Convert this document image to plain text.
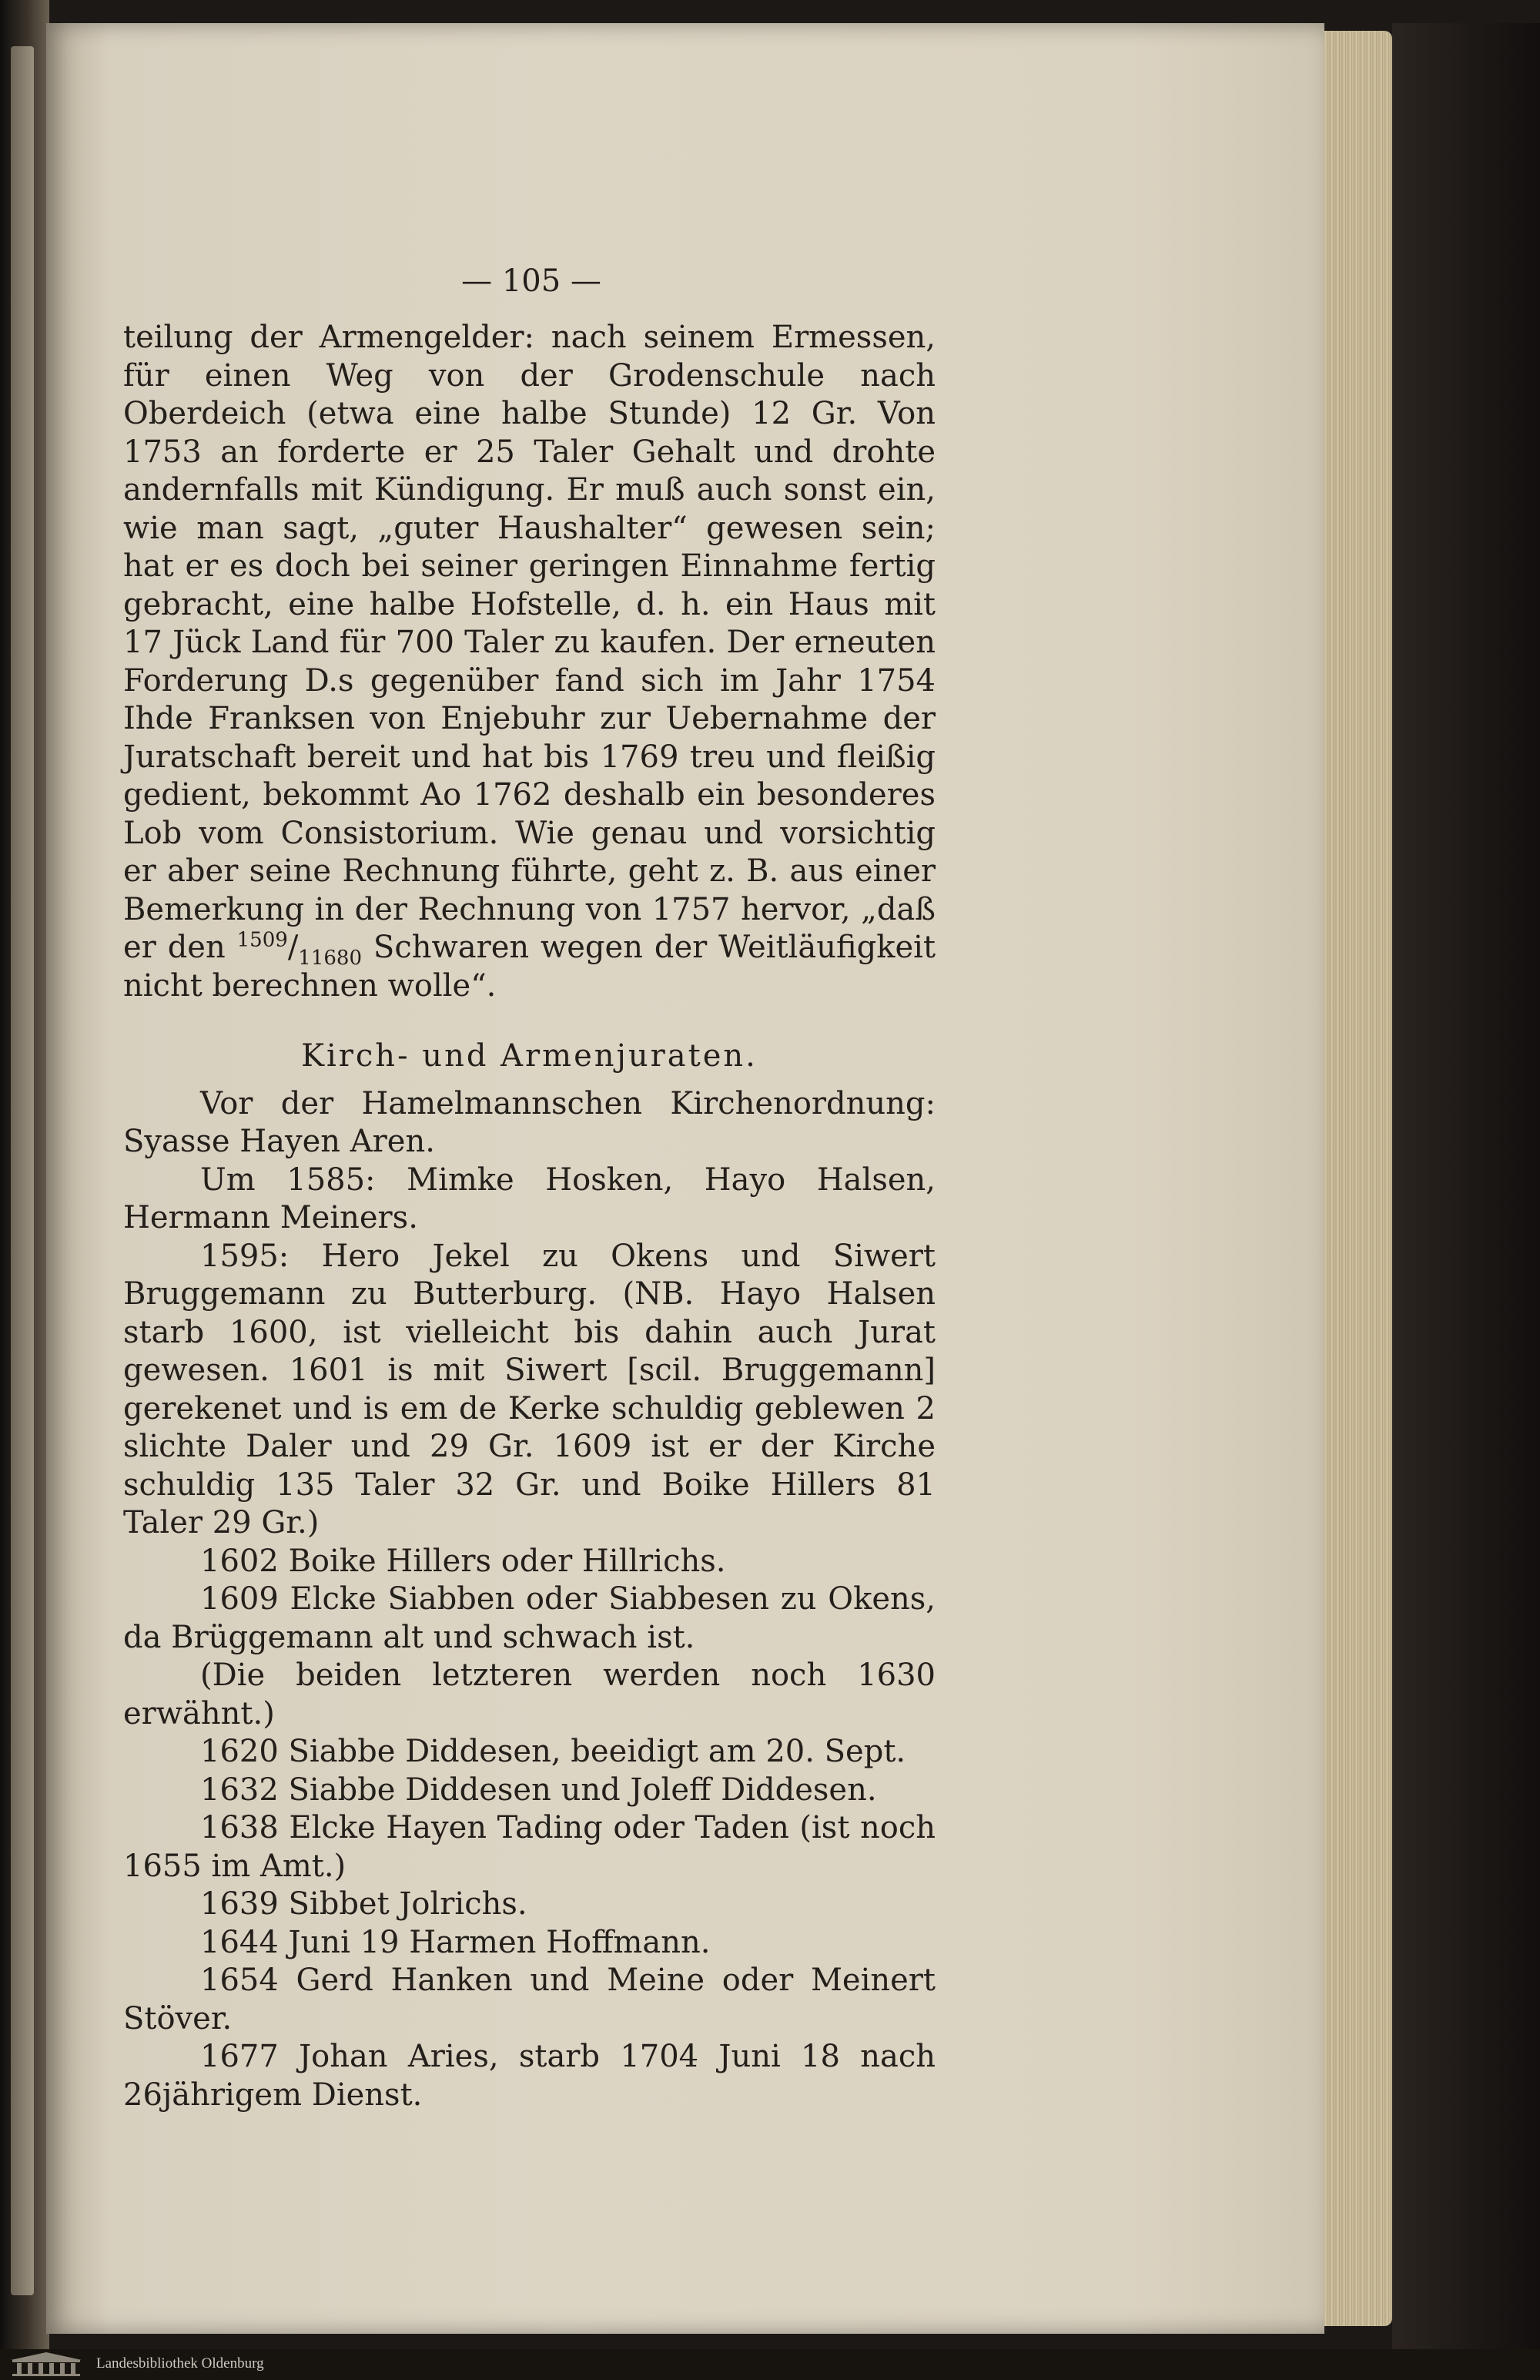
— 105 —

teilung der Armengelder: nach seinem Ermessen, für einen Weg von der Grodenschule nach Oberdeich (etwa eine halbe Stunde) 12 Gr. Von 1753 an forderte er 25 Taler Gehalt und drohte andernfalls mit Kündigung. Er muß auch sonst ein, wie man sagt, „guter Haushalter“ gewesen sein; hat er es doch bei seiner geringen Einnahme fertig gebracht, eine halbe Hofstelle, d. h. ein Haus mit 17 Jück Land für 700 Taler zu kaufen. Der erneuten Forderung D.s gegenüber fand sich im Jahr 1754 Ihde Franksen von Enjebuhr zur Uebernahme der Juratschaft bereit und hat bis 1769 treu und fleißig gedient, bekommt Ao 1762 deshalb ein besonderes Lob vom Consistorium. Wie genau und vorsichtig er aber seine Rechnung führte, geht z. B. aus einer Bemerkung in der Rechnung von 1757 hervor, „daß er den $^{1509}/_{11680}$ Schwaren wegen der Weitläufigkeit nicht berechnen wolle“.

Kirch- und Armenjuraten.

Vor der Hamelmannschen Kirchenordnung: Syasse Hayen Aren.

Um 1585: Mimke Hosken, Hayo Halsen, Hermann Meiners.

1595: Hero Jekel zu Okens und Siwert Bruggemann zu Butterburg. (NB. Hayo Halsen starb 1600, ist vielleicht bis dahin auch Jurat gewesen. 1601 is mit Siwert [scil. Bruggemann] gerekenet und is em de Kerke schuldig geblewen 2 slichte Daler und 29 Gr. 1609 ist er der Kirche schuldig 135 Taler 32 Gr. und Boike Hillers 81 Taler 29 Gr.)

1602 Boike Hillers oder Hillrichs.

1609 Elcke Siabben oder Siabbesen zu Okens, da Brüggemann alt und schwach ist.

(Die beiden letzteren werden noch 1630 erwähnt.)

1620 Siabbe Diddesen, beeidigt am 20. Sept.

1632 Siabbe Diddesen und Joleff Diddesen.

1638 Elcke Hayen Tading oder Taden (ist noch 1655 im Amt.)

1639 Sibbet Jolrichs.

1644 Juni 19 Harmen Hoffmann.

1654 Gerd Hanken und Meine oder Meinert Stöver.

1677 Johan Aries, starb 1704 Juni 18 nach 26jährigem Dienst.

Landesbibliothek Oldenburg
